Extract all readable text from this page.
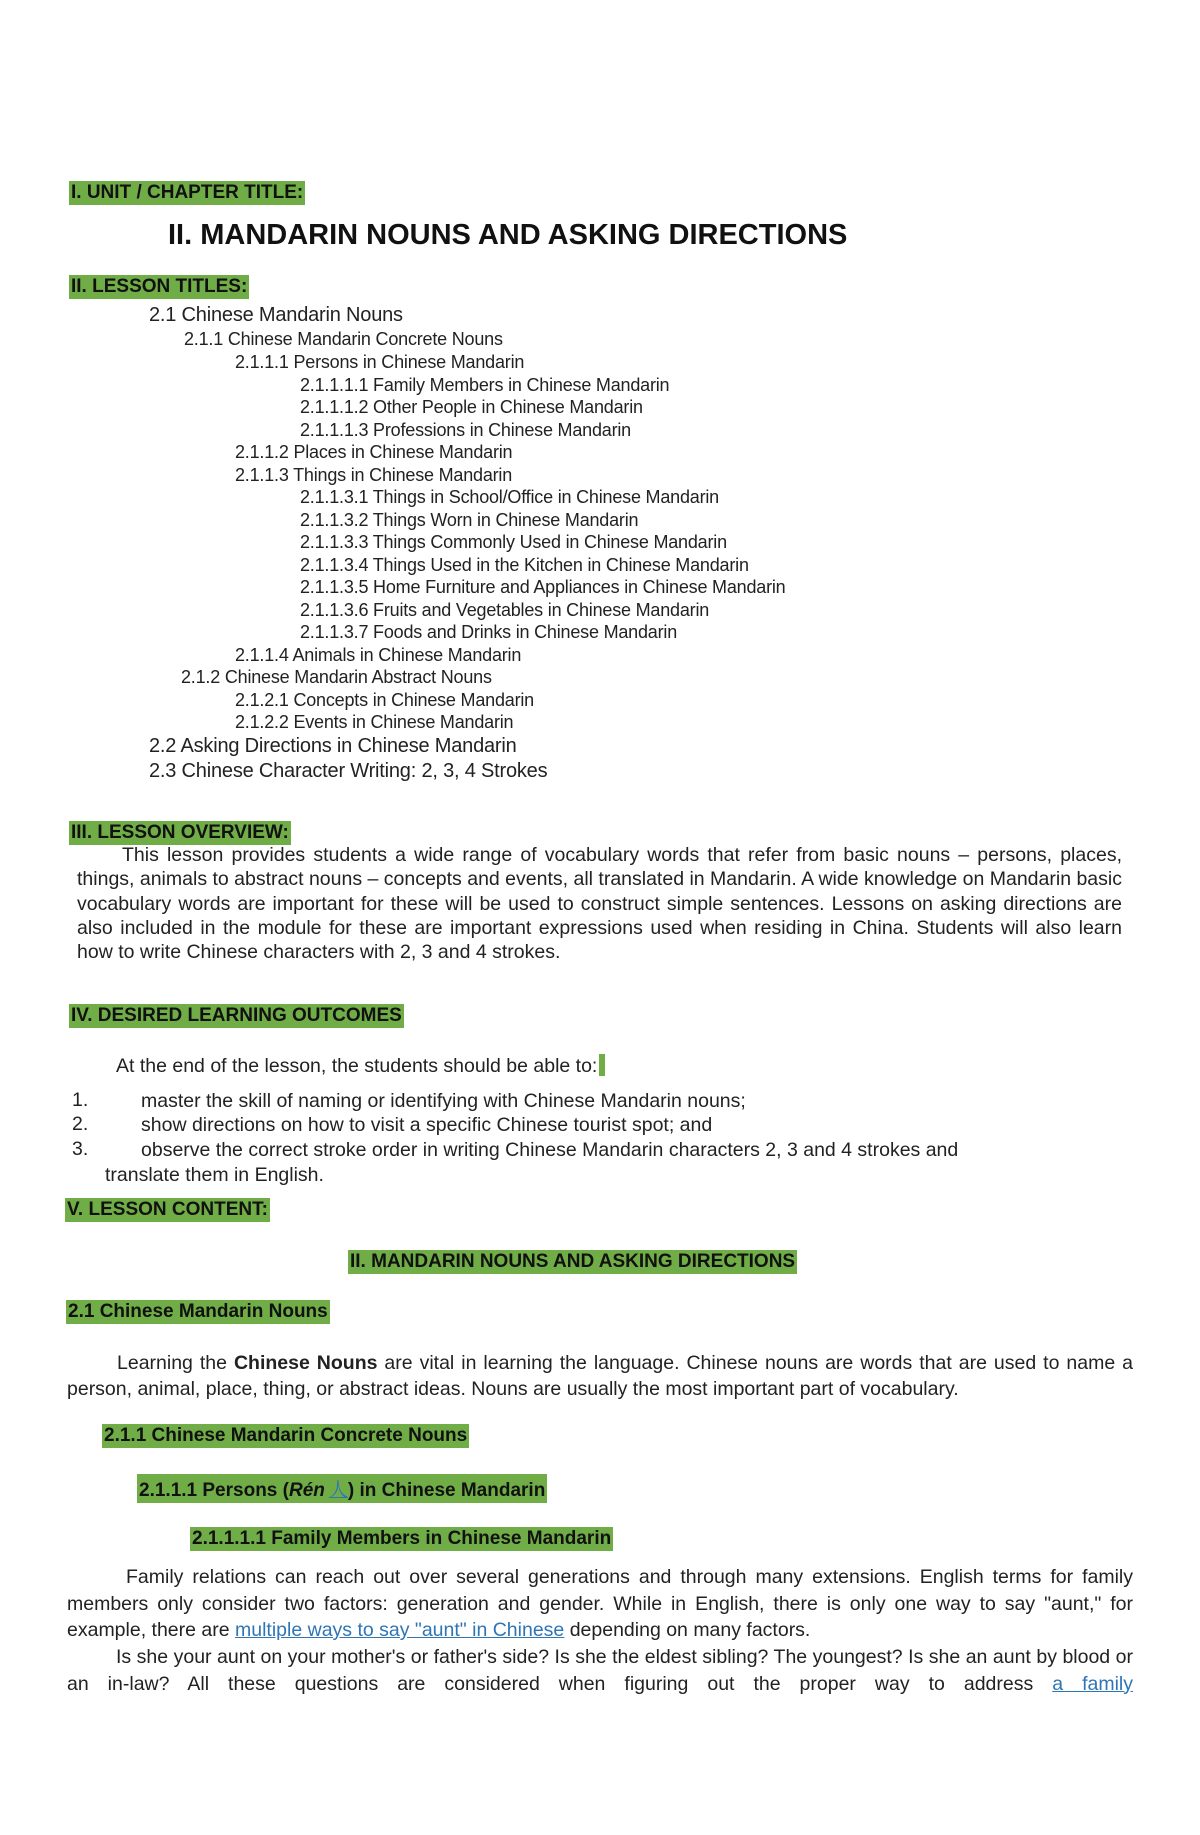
I. UNIT / CHAPTER TITLE:
II. MANDARIN NOUNS AND ASKING DIRECTIONS
II. LESSON TITLES:
2.1 Chinese Mandarin Nouns
2.1.1 Chinese Mandarin Concrete Nouns
2.1.1.1 Persons in Chinese Mandarin
2.1.1.1.1 Family Members in Chinese Mandarin
2.1.1.1.2 Other People in Chinese Mandarin
2.1.1.1.3 Professions in Chinese Mandarin
2.1.1.2 Places in Chinese Mandarin
2.1.1.3 Things in Chinese Mandarin
2.1.1.3.1 Things in School/Office in Chinese Mandarin
2.1.1.3.2 Things Worn in Chinese Mandarin
2.1.1.3.3 Things Commonly Used in Chinese Mandarin
2.1.1.3.4 Things Used in the Kitchen in Chinese Mandarin
2.1.1.3.5 Home Furniture and Appliances in Chinese Mandarin
2.1.1.3.6 Fruits and Vegetables in Chinese Mandarin
2.1.1.3.7 Foods and Drinks in Chinese Mandarin
2.1.1.4 Animals in Chinese Mandarin
2.1.2 Chinese Mandarin Abstract Nouns
2.1.2.1 Concepts in Chinese Mandarin
2.1.2.2 Events in Chinese Mandarin
2.2 Asking Directions in Chinese Mandarin
2.3 Chinese Character Writing: 2, 3, 4 Strokes
III. LESSON OVERVIEW:
This lesson provides students a wide range of vocabulary words that refer from basic nouns – persons, places, things, animals to abstract nouns – concepts and events, all translated in Mandarin. A wide knowledge on Mandarin basic vocabulary words are important for these will be used to construct simple sentences. Lessons on asking directions are also included in the module for these are important expressions used when residing in China. Students will also learn how to write Chinese characters with 2, 3 and 4 strokes.
IV. DESIRED LEARNING OUTCOMES
At the end of the lesson, the students should be able to:
1.	master the skill of naming or identifying with Chinese Mandarin nouns;
2.	show directions on how to visit a specific Chinese tourist spot; and
3.	observe the correct stroke order in writing Chinese Mandarin characters 2, 3 and 4 strokes and
translate them in English.
V. LESSON CONTENT:
II. MANDARIN NOUNS AND ASKING DIRECTIONS
2.1 Chinese Mandarin Nouns
Learning the Chinese Nouns are vital in learning the language. Chinese nouns are words that are used to name a person, animal, place, thing, or abstract ideas. Nouns are usually the most important part of vocabulary.
2.1.1 Chinese Mandarin Concrete Nouns
2.1.1.1 Persons (Rén 人) in Chinese Mandarin
2.1.1.1.1 Family Members in Chinese Mandarin
Family relations can reach out over several generations and through many extensions. English terms for family members only consider two factors: generation and gender. While in English, there is only one way to say "aunt," for example, there are multiple ways to say "aunt" in Chinese depending on many factors.
Is she your aunt on your mother's or father's side? Is she the eldest sibling? The youngest? Is she an aunt by blood or an in-law? All these questions are considered when figuring out the proper way to address a family
